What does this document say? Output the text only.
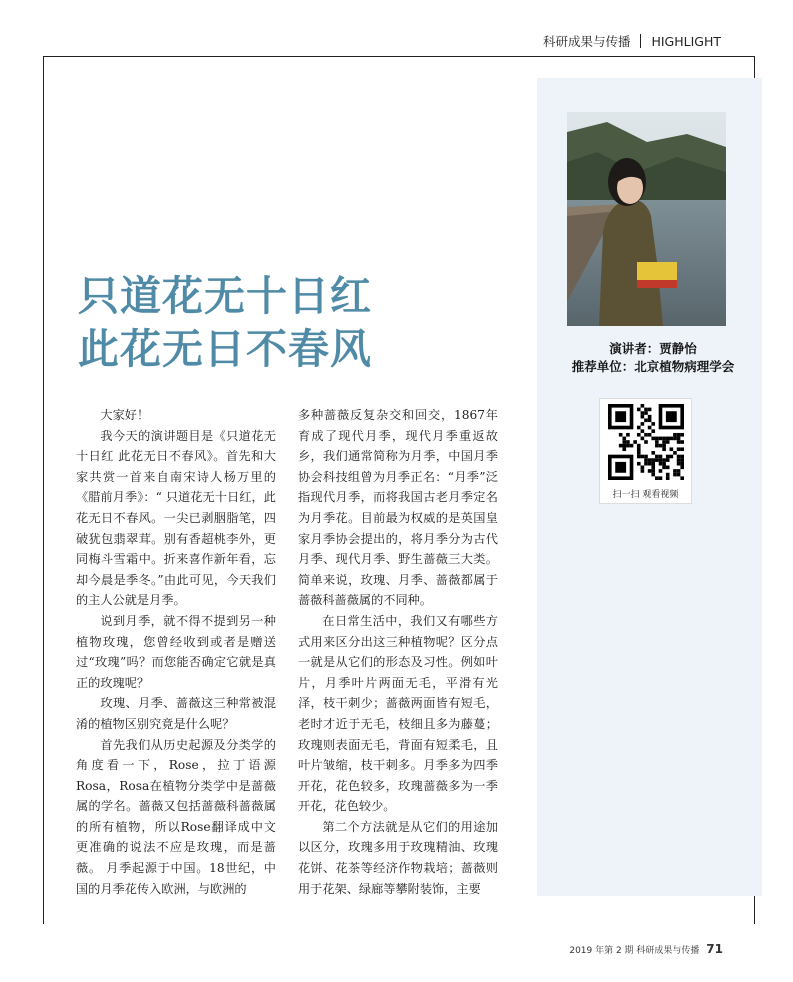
科研成果与传播 HIGHLIGHT
演讲者：贾静怡
推荐单位：北京植物病理学会
扫一扫 观看视频
只道花无十日红
此花无日不春风

大家好！

我今天的演讲题目是《只道花无十日红 此花无日不春风》。首先和大家共赏一首来自南宋诗人杨万里的《腊前月季》：“ 只道花无十日红，此花无日不春风。一尖已剥胭脂笔，四破犹包翡翠茸。别有香超桃李外，更同梅斗雪霜中。折来喜作新年看，忘却今晨是季冬。”由此可见，今天我们的主人公就是月季。

说到月季，就不得不提到另一种植物玫瑰，您曾经收到或者是赠送过“玫瑰”吗？而您能否确定它就是真正的玫瑰呢？

玫瑰、月季、蔷薇这三种常被混淆的植物区别究竟是什么呢？

首先我们从历史起源及分类学的角度看一下，Rose，拉丁语源Rosa，Rosa在植物分类学中是蔷薇属的学名。蔷薇又包括蔷薇科蔷薇属的所有植物，所以Rose翻译成中文更准确的说法不应是玫瑰，而是蔷薇。 月季起源于中国。18世纪，中国的月季花传入欧洲，与欧洲的

多种蔷薇反复杂交和回交，1867年育成了现代月季，现代月季重返故乡，我们通常简称为月季，中国月季协会科技组曾为月季正名：“月季”泛指现代月季，而将我国古老月季定名为月季花。目前最为权威的是英国皇家月季协会提出的，将月季分为古代月季、现代月季、野生蔷薇三大类。简单来说，玫瑰、月季、蔷薇都属于蔷薇科蔷薇属的不同种。

在日常生活中，我们又有哪些方式用来区分出这三种植物呢？区分点一就是从它们的形态及习性。例如叶片，月季叶片两面无毛，平滑有光泽，枝干刺少；蔷薇两面皆有短毛，老时才近于无毛，枝细且多为藤蔓；玫瑰则表面无毛，背面有短柔毛，且叶片皱缩，枝干刺多。月季多为四季开花，花色较多，玫瑰蔷薇多为一季开花，花色较少。

第二个方法就是从它们的用途加以区分，玫瑰多用于玫瑰精油、玫瑰花饼、花茶等经济作物栽培；蔷薇则用于花架、绿廊等攀附装饰，主要

2019 年第 2 期 科研成果与传播 71
